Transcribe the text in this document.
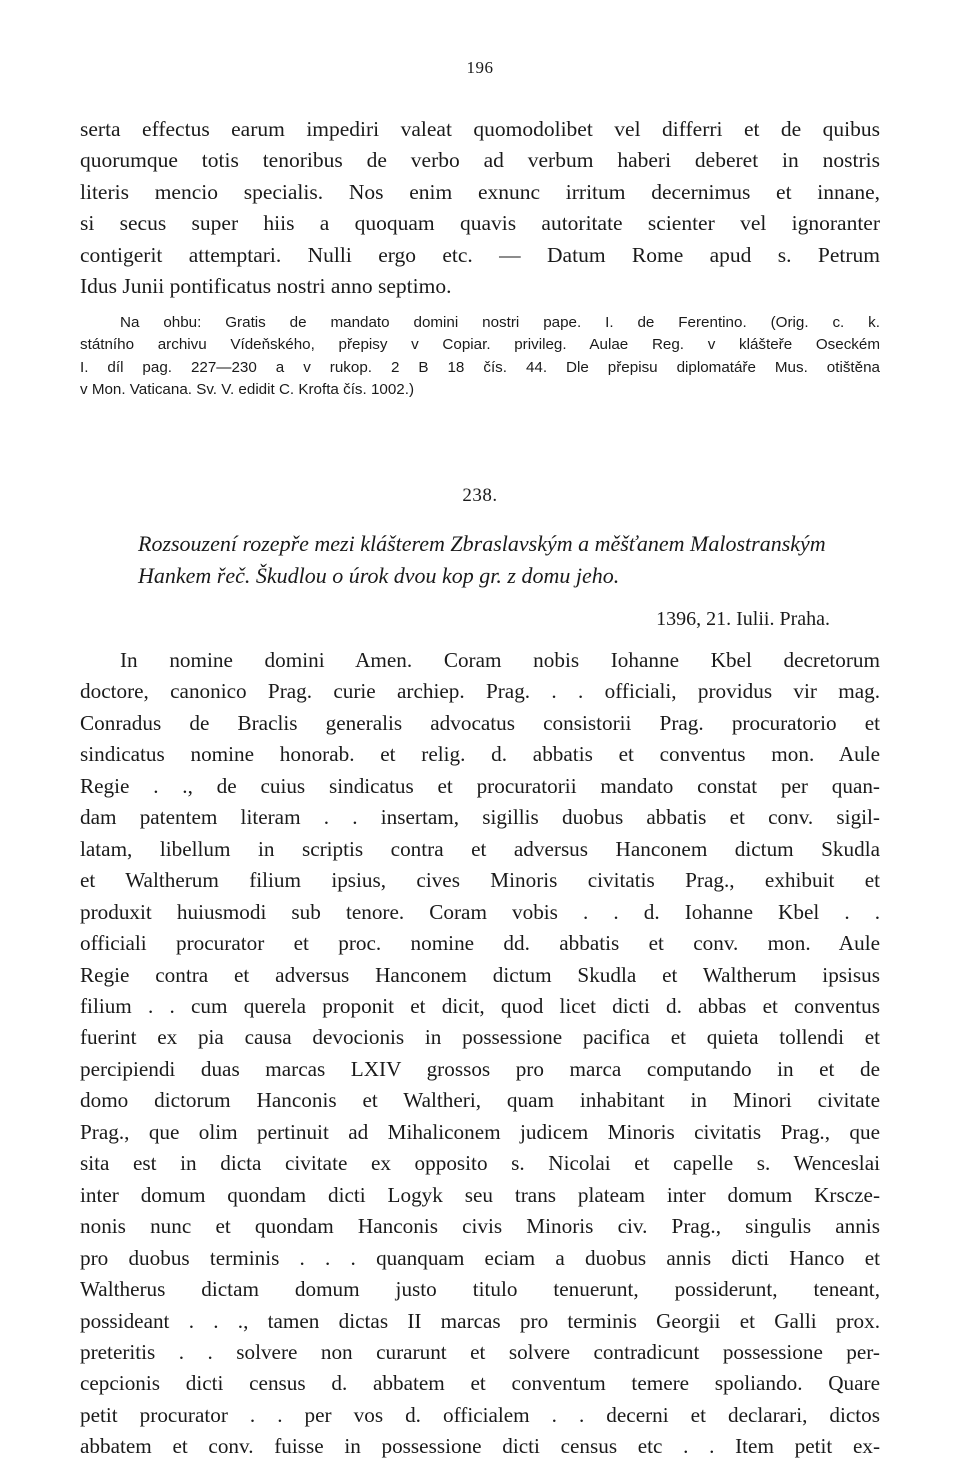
196
serta effectus earum impediri valeat quomodolibet vel differri et de quibus
quorumque totis tenoribus de verbo ad verbum haberi deberet in nostris
literis mencio specialis. Nos enim exnunc irritum decernimus et innane,
si secus super hiis a quoquam quavis autoritate scienter vel ignoranter
contigerit attemptari. Nulli ergo etc. — Datum Rome apud s. Petrum
Idus Junii pontificatus nostri anno septimo.
Na ohbu: Gratis de mandato domini nostri pape. I. de Ferentino. (Orig. c. k.
státního archivu Vídeňského, přepisy v Copiar. privileg. Aulae Reg. v klášteře Oseckém
I. díl pag. 227—230 a v rukop. 2 B 18 čís. 44. Dle přepisu diplomatáře Mus. otištěna
v Mon. Vaticana. Sv. V. edidit C. Krofta čís. 1002.)
238.
Rozsouzení rozepře mezi klášterem Zbraslavským a měšťanem Malostranským
Hankem řeč. Škudlou o úrok dvou kop gr. z domu jeho.
1396, 21. Iulii. Praha.
In nomine domini Amen. Coram nobis Iohanne Kbel decretorum
doctore, canonico Prag. curie archiep. Prag. . . officiali, providus vir mag.
Conradus de Braclis generalis advocatus consistorii Prag. procuratorio et
sindicatus nomine honorab. et relig. d. abbatis et conventus mon. Aule
Regie . ., de cuius sindicatus et procuratorii mandato constat per quan-
dam patentem literam . . insertam, sigillis duobus abbatis et conv. sigil-
latam, libellum in scriptis contra et adversus Hanconem dictum Skudla
et Waltherum filium ipsius, cives Minoris civitatis Prag., exhibuit et
produxit huiusmodi sub tenore. Coram vobis . . d. Iohanne Kbel . .
officiali procurator et proc. nomine dd. abbatis et conv. mon. Aule
Regie contra et adversus Hanconem dictum Skudla et Waltherum ipsisus
filium . . cum querela proponit et dicit, quod licet dicti d. abbas et conventus
fuerint ex pia causa devocionis in possessione pacifica et quieta tollendi et
percipiendi duas marcas LXIV grossos pro marca computando in et de
domo dictorum Hanconis et Waltheri, quam inhabitant in Minori civitate
Prag., que olim pertinuit ad Mihaliconem judicem Minoris civitatis Prag., que
sita est in dicta civitate ex opposito s. Nicolai et capelle s. Wenceslai
inter domum quondam dicti Logyk seu trans plateam inter domum Krscze-
nonis nunc et quondam Hanconis civis Minoris civ. Prag., singulis annis
pro duobus terminis . . . quanquam eciam a duobus annis dicti Hanco et
Waltherus dictam domum justo titulo tenuerunt, possiderunt, teneant,
possideant . . ., tamen dictas II marcas pro terminis Georgii et Galli prox.
preteritis . . solvere non curarunt et solvere contradicunt possessione per-
cepcionis dicti census d. abbatem et conventum temere spoliando. Quare
petit procurator . . per vos d. officialem . . decerni et declarari, dictos
abbatem et conv. fuisse in possessione dicti census etc . . Item petit ex-
